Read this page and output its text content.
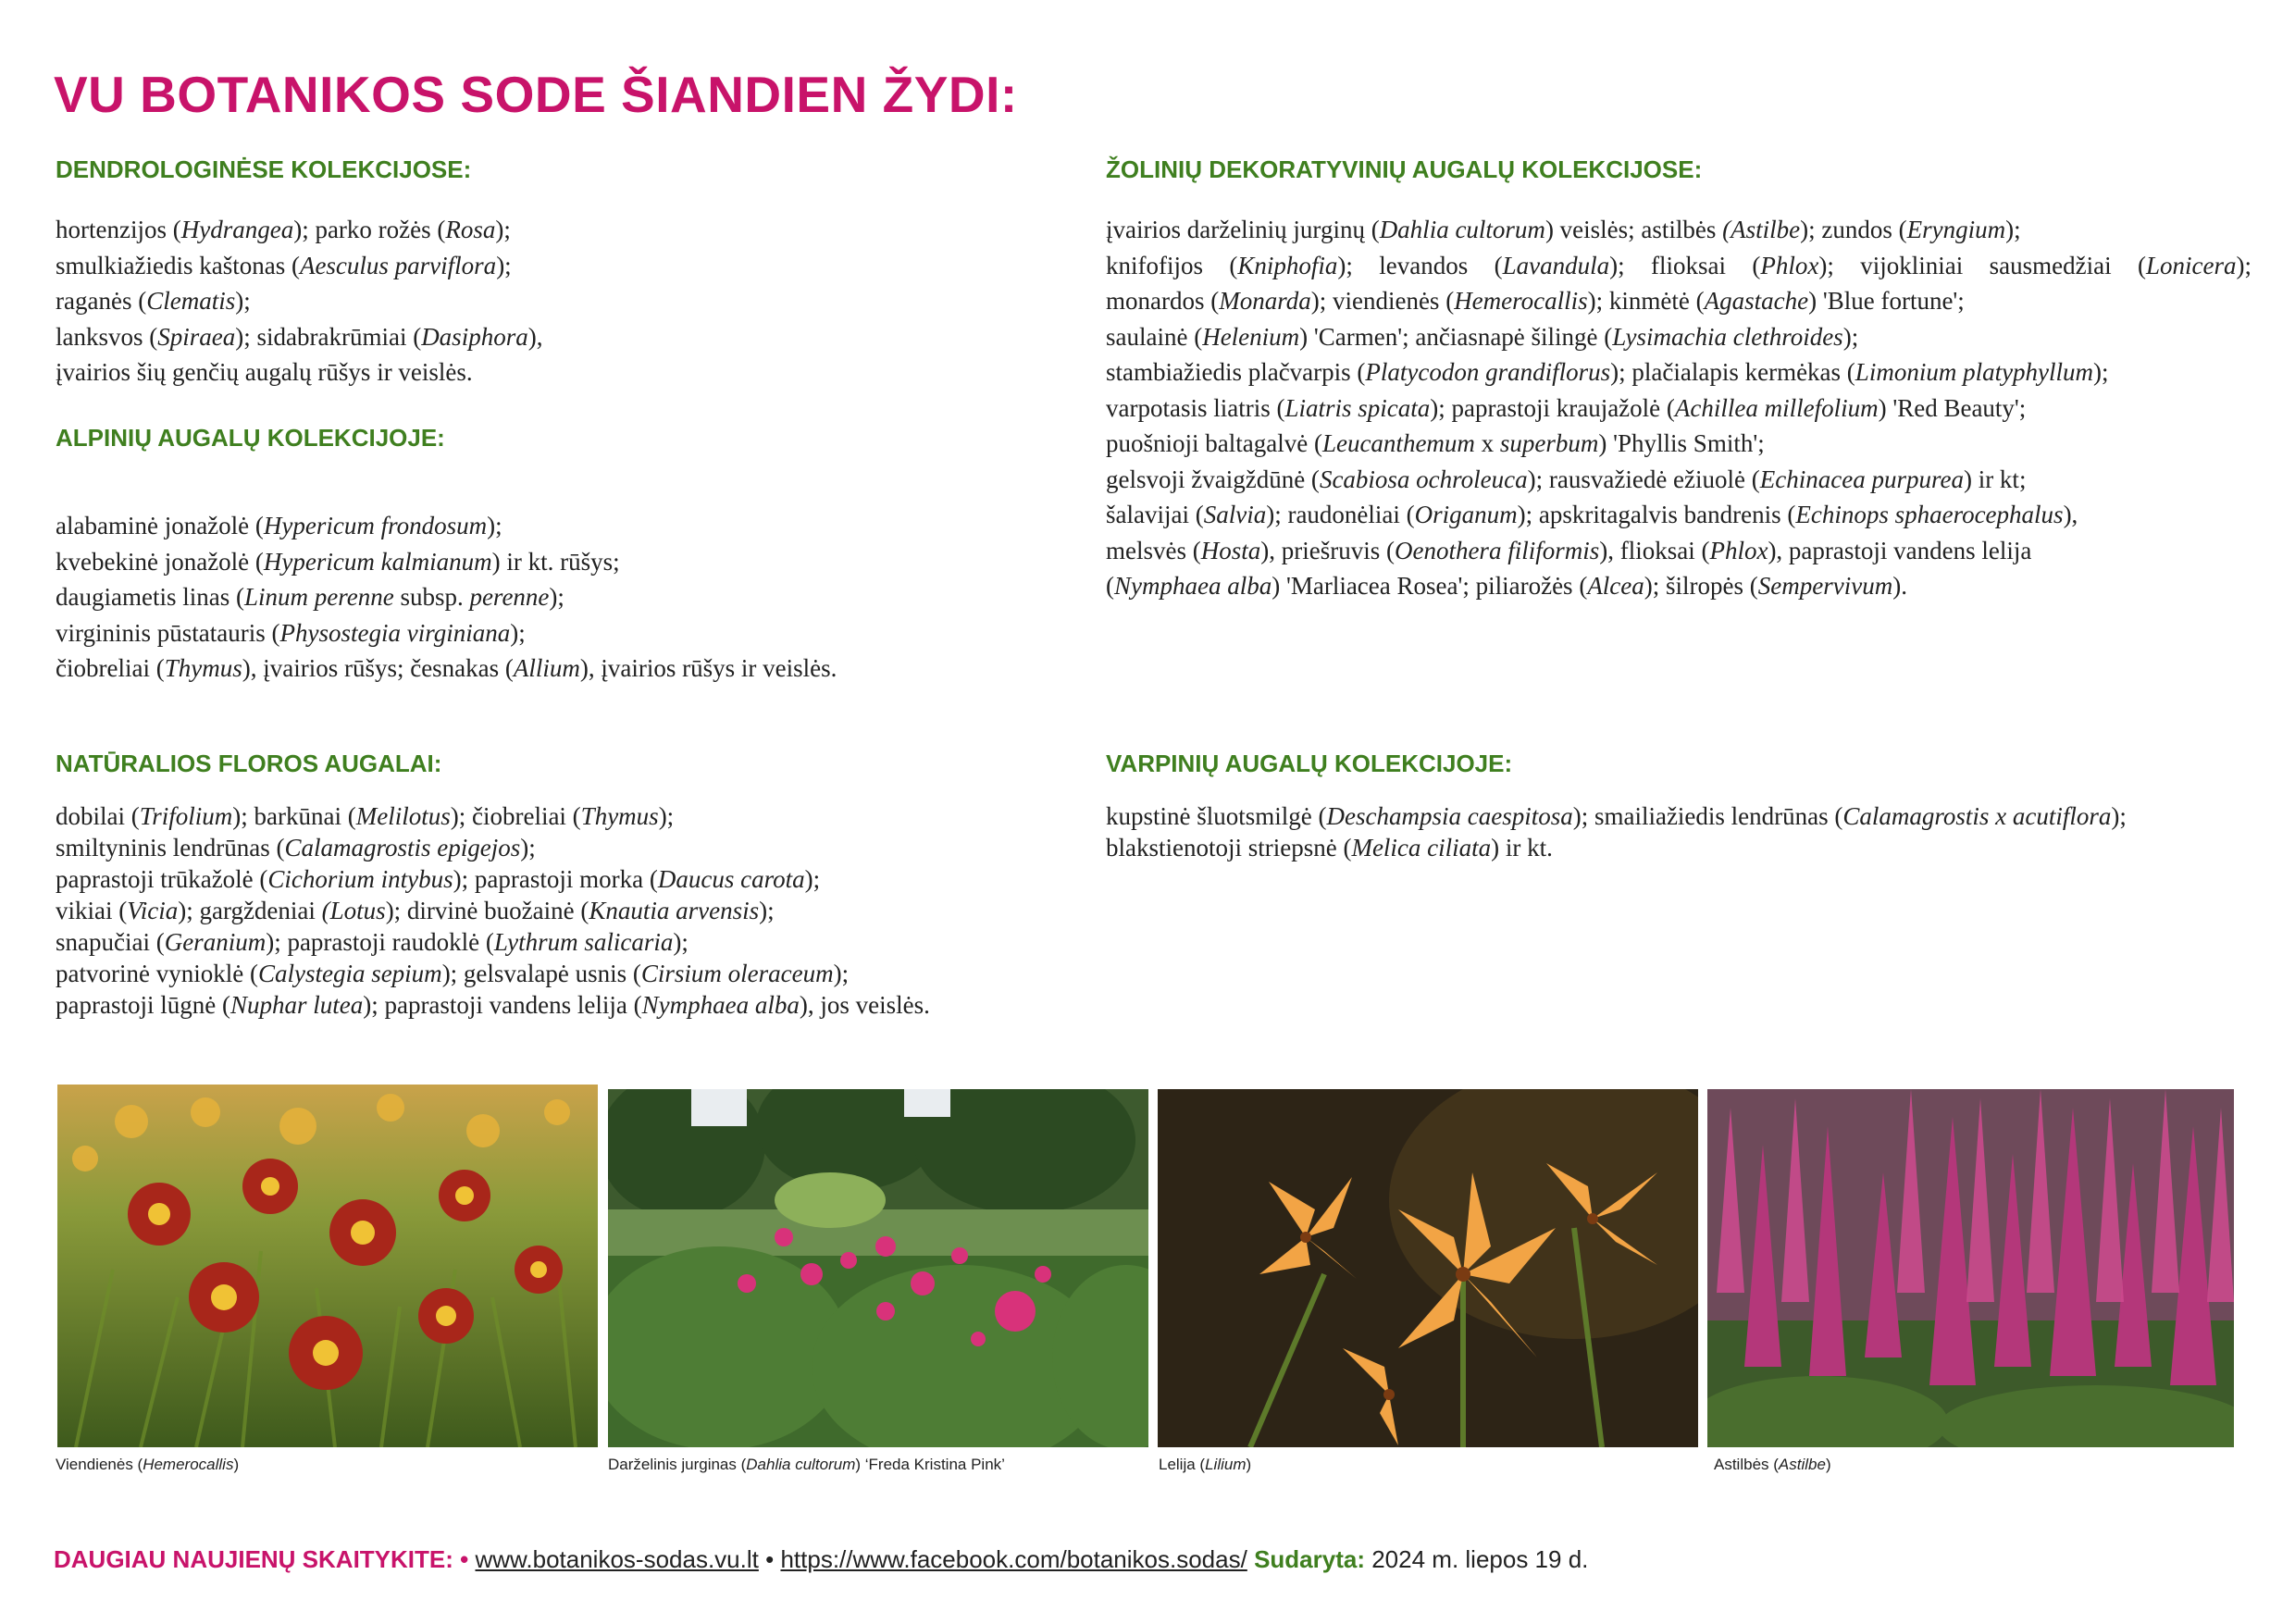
VU BOTANIKOS SODE ŠIANDIEN ŽYDI:
DENDROLOGINĖSE KOLEKCIJOSE:
hortenzijos (Hydrangea); parko rožės (Rosa);
smulkiažiedis kaštonas (Aesculus parviflora);
raganės (Clematis);
lanksvos (Spiraea); sidabrakrūmiai (Dasiphora),
įvairios šių genčių augalų rūšys ir veislės.
ALPINIŲ AUGALŲ KOLEKCIJOJE:
alabaminė jonažolė (Hypericum frondosum);
kvebekinė jonažolė (Hypericum kalmianum) ir kt. rūšys;
daugiametis linas (Linum perenne subsp. perenne);
virgininis pūstatauris (Physostegia virginiana);
čiobreliai (Thymus), įvairios rūšys; česnakas (Allium), įvairios rūšys ir veislės.
NATŪRALIOS FLOROS AUGALAI:
dobilai (Trifolium); barkūnai (Melilotus); čiobreliai (Thymus);
smiltyninis lendrūnas (Calamagrostis epigejos);
paprastoji trūkažolė (Cichorium intybus); paprastoji morka (Daucus carota);
vikiai (Vicia); gargždeniai (Lotus); dirvinė buožainė (Knautia arvensis);
snapučiai (Geranium); paprastoji raudoklė (Lythrum salicaria);
patvorinė vynioklė (Calystegia sepium); gelsvalapė usnis (Cirsium oleraceum);
paprastoji lūgnė (Nuphar lutea); paprastoji vandens lelija (Nymphaea alba), jos veislės.
ŽOLINIŲ DEKORATYVINIŲ AUGALŲ KOLEKCIJOSE:
įvairios darželinių jurginų (Dahlia cultorum) veislės; astilbės (Astilbe); zundos (Eryngium);
knifofijos (Kniphofia); levandos (Lavandula); flioksai (Phlox); vijokliniai sausmedžiai (Lonicera);
monardos (Monarda); viendienės (Hemerocallis); kinmėtė (Agastache) 'Blue fortune';
saulainė (Helenium) 'Carmen'; ančiasnapė šilingė (Lysimachia clethroides);
stambiažiedis plačvarpis (Platycodon grandiflorus); plačialapis kermėkas (Limonium platyphyllum);
varpotasis liatris (Liatris spicata); paprastoji kraujažolė (Achillea millefolium) 'Red Beauty';
puošnioji baltagalvė (Leucanthemum x superbum) 'Phyllis Smith';
gelsvoji žvaigždūnė (Scabiosa ochroleuca); rausvažiedė ežiuolė (Echinacea purpurea) ir kt;
šalavijai (Salvia); raudonėliai (Origanum); apskritagalvis bandrenis (Echinops sphaerocephalus),
melsvės (Hosta), priešruvis (Oenothera filiformis), flioksai (Phlox), paprastoji vandens lelija
(Nymphaea alba) 'Marliacea Rosea'; piliarožės (Alcea); šilropės (Sempervivum).
VARPINIŲ AUGALŲ KOLEKCIJOJE:
kupstinė šluotsmilgė (Deschampsia caespitosa); smailiažiedis lendrūnas (Calamagrostis x acutiflora);
blakstienotoji striepsnė (Melica ciliata) ir kt.
Viendienės (Hemerocallis)	Darželinis jurginas (Dahlia cultorum) ‘Freda Kristina Pink’	Lelija (Lilium)	Astilbės (Astilbe)
DAUGIAU NAUJIENŲ SKAITYKITE: • www.botanikos-sodas.vu.lt • https://www.facebook.com/botanikos.sodas/ Sudaryta: 2024 m. liepos 19 d.
